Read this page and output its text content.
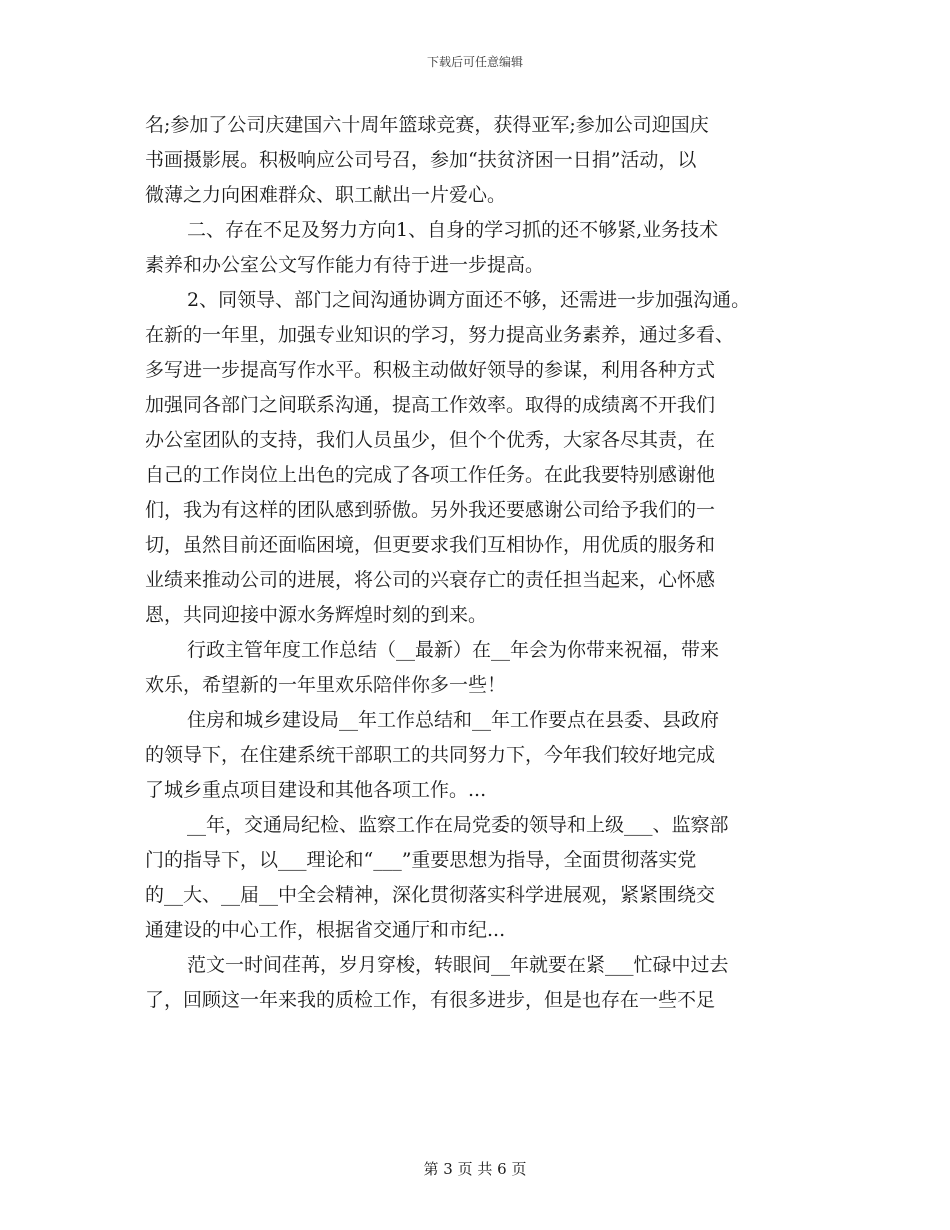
下载后可任意编辑

名;参加了公司庆建国六十周年篮球竞赛，获得亚军;参加公司迎国庆
书画摄影展。积极响应公司号召，参加“扶贫济困一日捐”活动，以
微薄之力向困难群众、职工献出一片爱心。

二、存在不足及努力方向1、自身的学习抓的还不够紧,业务技术
素养和办公室公文写作能力有待于进一步提高。

2、同领导、部门之间沟通协调方面还不够，还需进一步加强沟通。
在新的一年里，加强专业知识的学习，努力提高业务素养，通过多看、
多写进一步提高写作水平。积极主动做好领导的参谋，利用各种方式
加强同各部门之间联系沟通，提高工作效率。取得的成绩离不开我们
办公室团队的支持，我们人员虽少，但个个优秀，大家各尽其责，在
自己的工作岗位上出色的完成了各项工作任务。在此我要特别感谢他
们，我为有这样的团队感到骄傲。另外我还要感谢公司给予我们的一
切，虽然目前还面临困境，但更要求我们互相协作，用优质的服务和
业绩来推动公司的进展，将公司的兴衰存亡的责任担当起来，心怀感
恩，共同迎接中源水务辉煌时刻的到来。

行政主管年度工作总结（__最新）在__年会为你带来祝福，带来
欢乐，希望新的一年里欢乐陪伴你多一些！

住房和城乡建设局__年工作总结和__年工作要点在县委、县政府
的领导下，在住建系统干部职工的共同努力下，今年我们较好地完成
了城乡重点项目建设和其他各项工作。...

__年，交通局纪检、监察工作在局党委的领导和上级___、监察部
门的指导下，以___理论和“___”重要思想为指导，全面贯彻落实党
的__大、__届__中全会精神，深化贯彻落实科学进展观，紧紧围绕交
通建设的中心工作，根据省交通厅和市纪...

范文一时间荏苒，岁月穿梭，转眼间__年就要在紧___忙碌中过去
了，回顾这一年来我的质检工作，有很多进步，但是也存在一些不足

第 3 页 共 6 页
